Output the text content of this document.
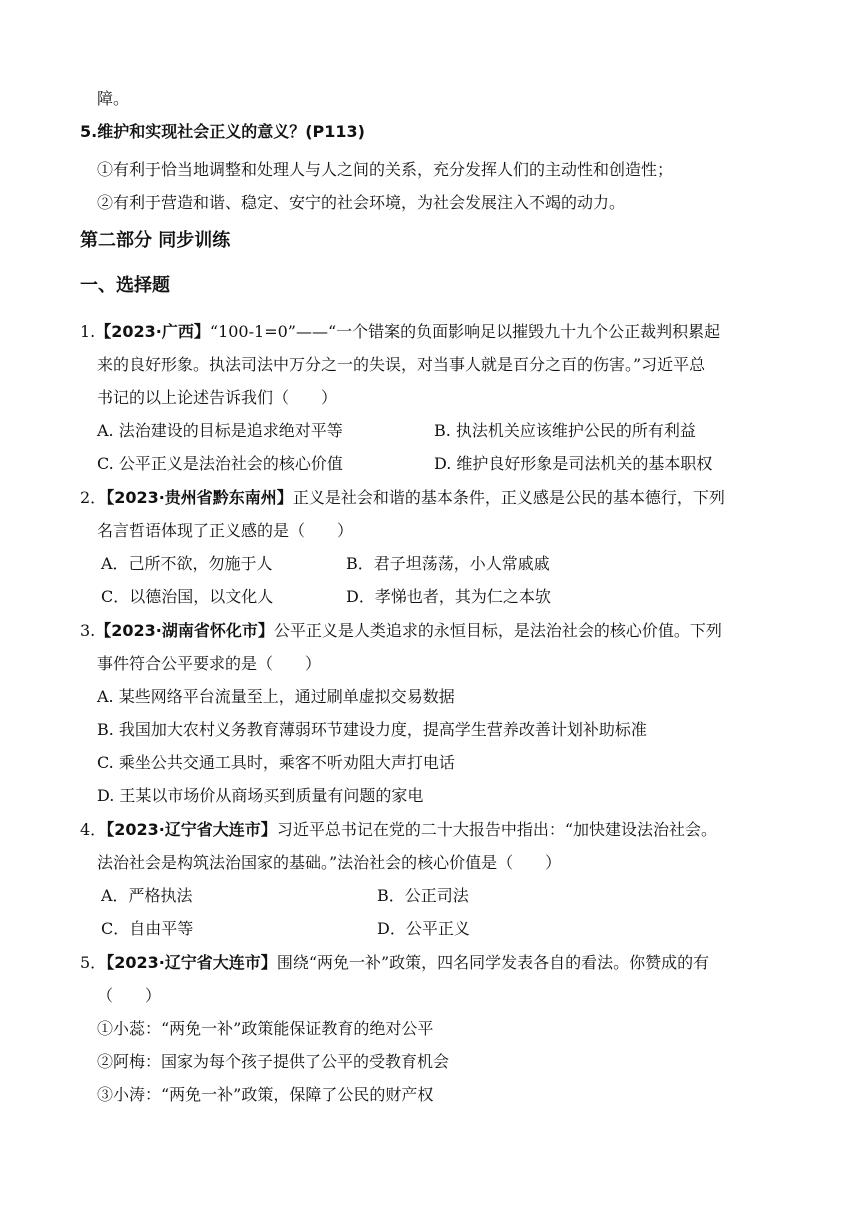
障。
5.维护和实现社会正义的意义？(P113)
①有利于恰当地调整和处理人与人之间的关系，充分发挥人们的主动性和创造性；
②有利于营造和谐、稳定、安宁的社会环境，为社会发展注入不竭的动力。
第二部分 同步训练
一、选择题
1.【2023·广西】“100-1=0”——“一个错案的负面影响足以摧毁九十九个公正裁判积累起
来的良好形象。执法司法中万分之一的失误，对当事人就是百分之百的伤害。”习近平总
书记的以上论述告诉我们（　　）
A. 法治建设的目标是追求绝对平等	B. 执法机关应该维护公民的所有利益
C. 公平正义是法治社会的核心价值	D. 维护良好形象是司法机关的基本职权
2．【2023·贵州省黔东南州】正义是社会和谐的基本条件，正义感是公民的基本德行，下列
名言哲语体现了正义感的是（　　）
A．己所不欲，勿施于人	B．君子坦荡荡，小人常戚戚
C．以德治国，以文化人	D．孝悌也者，其为仁之本欤
3.【2023·湖南省怀化市】公平正义是人类追求的永恒目标，是法治社会的核心价值。下列
事件符合公平要求的是（　　）
A. 某些网络平台流量至上，通过刷单虚拟交易数据
B. 我国加大农村义务教育薄弱环节建设力度，提高学生营养改善计划补助标准
C. 乘坐公共交通工具时，乘客不听劝阻大声打电话
D. 王某以市场价从商场买到质量有问题的家电
4．【2023·辽宁省大连市】习近平总书记在党的二十大报告中指出：“加快建设法治社会。
法治社会是构筑法治国家的基础。”法治社会的核心价值是（　　）
A．严格执法	B．公正司法
C．自由平等	D．公平正义
5．【2023·辽宁省大连市】围绕“两免一补”政策，四名同学发表各自的看法。你赞成的有
（　　）
①小蕊：“两免一补”政策能保证教育的绝对公平
②阿梅：国家为每个孩子提供了公平的受教育机会
③小涛：“两免一补”政策，保障了公民的财产权
